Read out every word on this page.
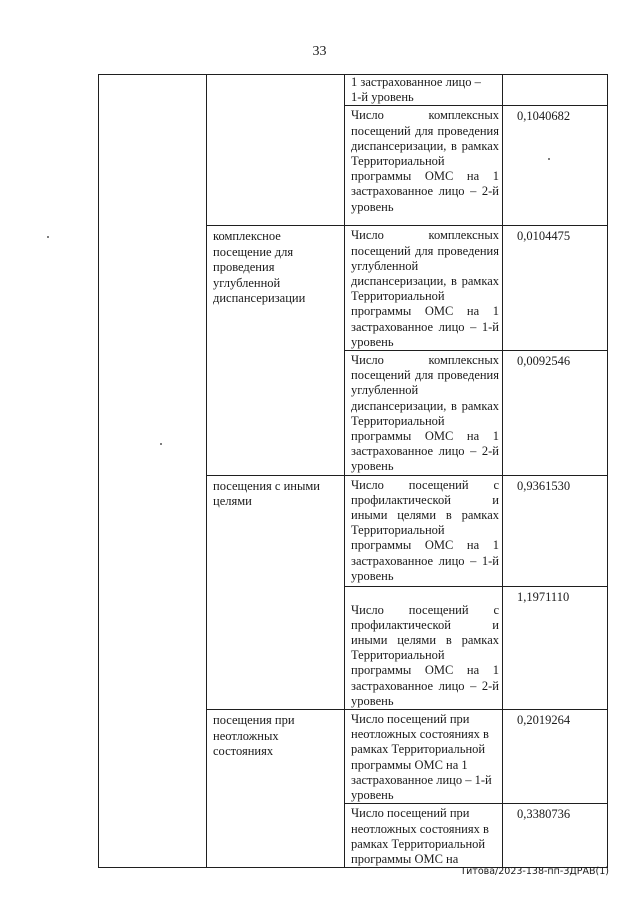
33

		1 застрахованное лицо –
1-й уровень	

		Число комплексных посещений для проведения диспансеризации, в рамках Территориальной программы ОМС на 1 застрахованное лицо – 2-й уровень	0,1040682

	комплексное посещение для проведения углубленной диспансеризации	Число комплексных посещений для проведения углубленной диспансеризации, в рамках Территориальной программы ОМС на 1 застрахованное лицо – 1-й уровень	0,0104475

		Число комплексных посещений для проведения углубленной диспансеризации, в рамках Территориальной программы ОМС на 1 застрахованное лицо – 2-й уровень	0,0092546

	посещения с иными целями	Число посещений с профилактической и иными целями в рамках Территориальной программы ОМС на 1 застрахованное лицо – 1-й уровень	0,9361530

		Число посещений с профилактической и иными целями в рамках Территориальной программы ОМС на 1 застрахованное лицо – 2-й уровень	1,1971110

	посещения при неотложных состояниях	Число посещений при неотложных состояниях в рамках Территориальной программы ОМС на 1 застрахованное лицо – 1-й уровень	0,2019264

		Число посещений при неотложных состояниях в рамках Территориальной программы ОМС на	0,3380736
Титова/2023-138-пп-ЗДРАВ(1)
